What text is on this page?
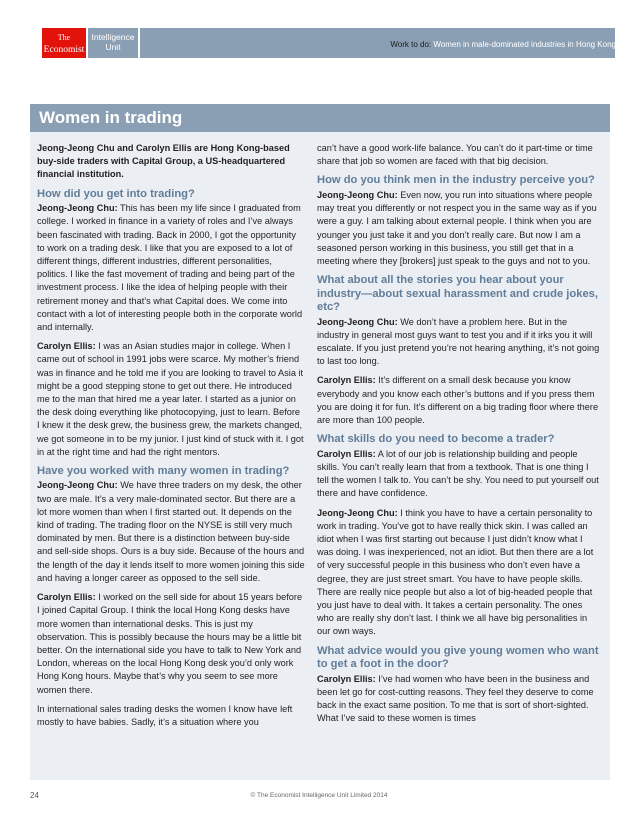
The
Economist
Intelligence
Unit	Work to do: Women in male-dominated industries in Hong Kong
Women in trading

Jeong-Jeong Chu and Carolyn Ellis are Hong Kong-based buy-side traders with Capital Group, a US-headquartered financial institution.

How did you get into trading?

Jeong-Jeong Chu: This has been my life since I graduated from college. I worked in finance in a variety of roles and I’ve always been fascinated with trading. Back in 2000, I got the opportunity to work on a trading desk. I like that you are exposed to a lot of different things, different industries, different personalities, politics. I like the fast movement of trading and being part of the investment process. I like the idea of helping people with their retirement money and that’s what Capital does. We come into contact with a lot of interesting people both in the corporate world and internally.

Carolyn Ellis: I was an Asian studies major in college. When I came out of school in 1991 jobs were scarce. My mother’s friend was in finance and he told me if you are looking to travel to Asia it might be a good stepping stone to get out there. He introduced me to the man that hired me a year later. I started as a junior on the desk doing everything like photocopying, just to learn. Before I knew it the desk grew, the business grew, the markets changed, we got someone in to be my junior. I just kind of stuck with it. I got in at the right time and had the right mentors.

Have you worked with many women in trading?

Jeong-Jeong Chu: We have three traders on my desk, the other two are male. It’s a very male-dominated sector. But there are a lot more women than when I first started out. It depends on the kind of trading. The trading floor on the NYSE is still very much dominated by men. But there is a distinction between buy-side and sell-side shops. Ours is a buy side. Because of the hours and the length of the day it lends itself to more women joining this side and having a longer career as opposed to the sell side.

Carolyn Ellis: I worked on the sell side for about 15 years before I joined Capital Group. I think the local Hong Kong desks have more women than international desks. This is just my observation. This is possibly because the hours may be a little bit better. On the international side you have to talk to New York and London, whereas on the local Hong Kong desk you’d only work Hong Kong hours. Maybe that’s why you seem to see more women there.

In international sales trading desks the women I know have left mostly to have babies. Sadly, it’s a situation where you

can’t have a good work-life balance. You can’t do it part-time or time share that job so women are faced with that big decision.

How do you think men in the industry perceive you?

Jeong-Jeong Chu: Even now, you run into situations where people may treat you differently or not respect you in the same way as if you were a guy. I am talking about external people. I think when you are younger you just take it and you don’t really care. But now I am a seasoned person working in this business, you still get that in a meeting where they [brokers] just speak to the guys and not to you.

What about all the stories you hear about your industry—about sexual harassment and crude jokes, etc?

Jeong-Jeong Chu: We don’t have a problem here. But in the industry in general most guys want to test you and if it irks you it will escalate. If you just pretend you’re not hearing anything, it’s not going to last too long.

Carolyn Ellis: It’s different on a small desk because you know everybody and you know each other’s buttons and if you press them you are doing it for fun. It’s different on a big trading floor where there are more than 100 people.

What skills do you need to become a trader?

Carolyn Ellis: A lot of our job is relationship building and people skills. You can’t really learn that from a textbook. That is one thing I tell the women I talk to. You can’t be shy. You need to put yourself out there and have confidence.

Jeong-Jeong Chu: I think you have to have a certain personality to work in trading. You’ve got to have really thick skin. I was called an idiot when I was first starting out because I just didn’t know what I was doing. I was inexperienced, not an idiot. But then there are a lot of very successful people in this business who don’t even have a degree, they are just street smart. You have to have people skills. There are really nice people but also a lot of big-headed people that you just have to deal with. It takes a certain personality. The ones who are really shy don’t last. I think we all have big personalities in our own ways.

What advice would you give young women who want to get a foot in the door?

Carolyn Ellis: I’ve had women who have been in the business and been let go for cost-cutting reasons. They feel they deserve to come back in the exact same position. To me that is sort of short-sighted. What I’ve said to these women is times

24	© The Economist Intelligence Unit Limited 2014
